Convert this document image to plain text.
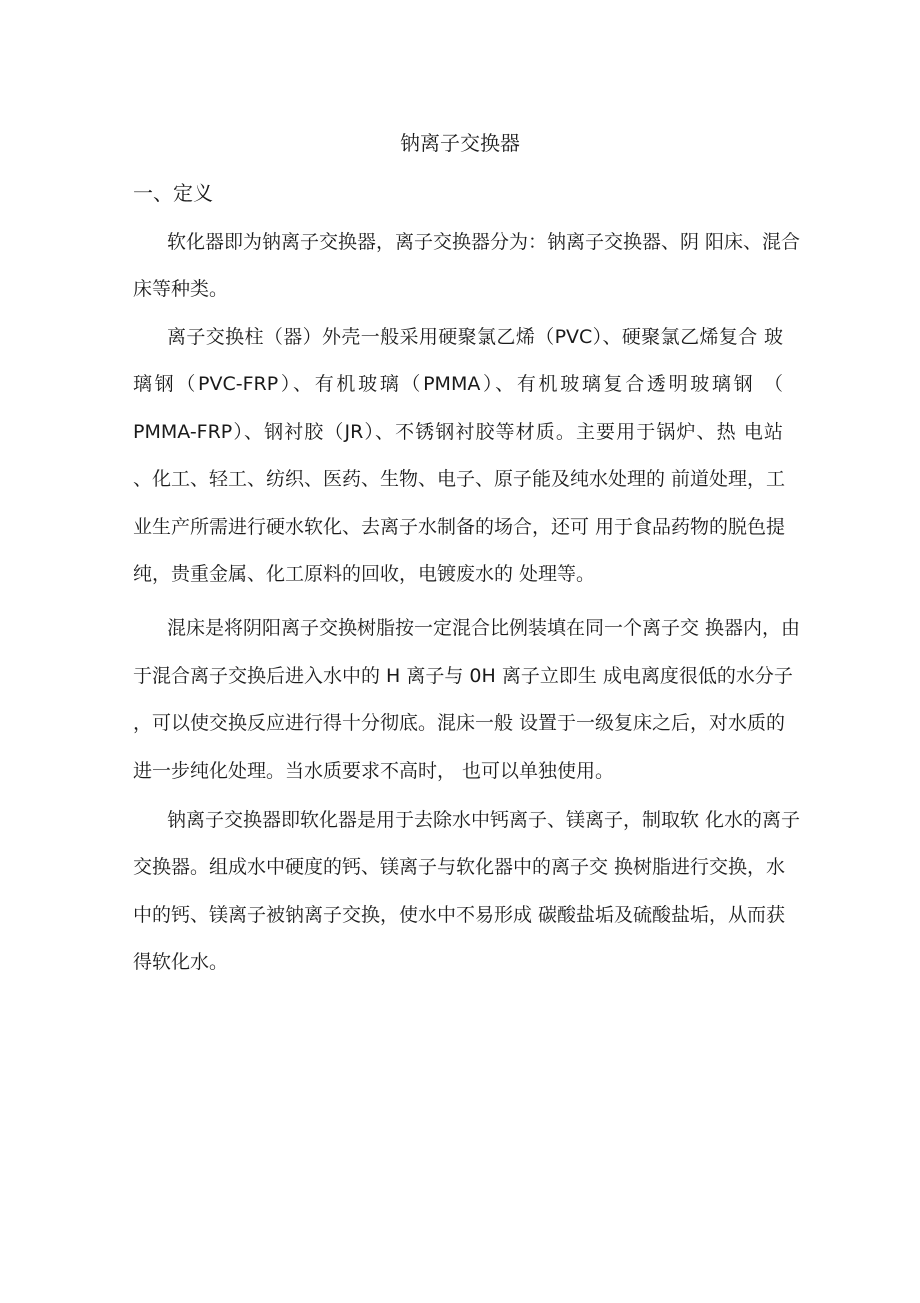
钠离子交换器
一、定义
软化器即为钠离子交换器，离子交换器分为：钠离子交换器、阴 阳床、混合
床等种类。
离子交换柱（器）外壳一般采用硬聚氯乙烯（PVC）、硬聚氯乙烯复合 玻
璃钢（PVC-FRP）、有机玻璃（PMMA）、有机玻璃复合透明玻璃钢 （
PMMA-FRP）、钢衬胶（JR）、不锈钢衬胶等材质。主要用于锅炉、热 电站
、化工、轻工、纺织、医药、生物、电子、原子能及纯水处理的 前道处理，工
业生产所需进行硬水软化、去离子水制备的场合，还可 用于食品药物的脱色提
纯，贵重金属、化工原料的回收，电镀废水的 处理等。
混床是将阴阳离子交换树脂按一定混合比例装填在同一个离子交 换器内，由
于混合离子交换后进入水中的 H 离子与 0H 离子立即生 成电离度很低的水分子
，可以使交换反应进行得十分彻底。混床一般 设置于一级复床之后，对水质的
进一步纯化处理。当水质要求不高时， 也可以单独使用。
钠离子交换器即软化器是用于去除水中钙离子、镁离子，制取软 化水的离子
交换器。组成水中硬度的钙、镁离子与软化器中的离子交 换树脂进行交换，水
中的钙、镁离子被钠离子交换，使水中不易形成 碳酸盐垢及硫酸盐垢，从而获
得软化水。
